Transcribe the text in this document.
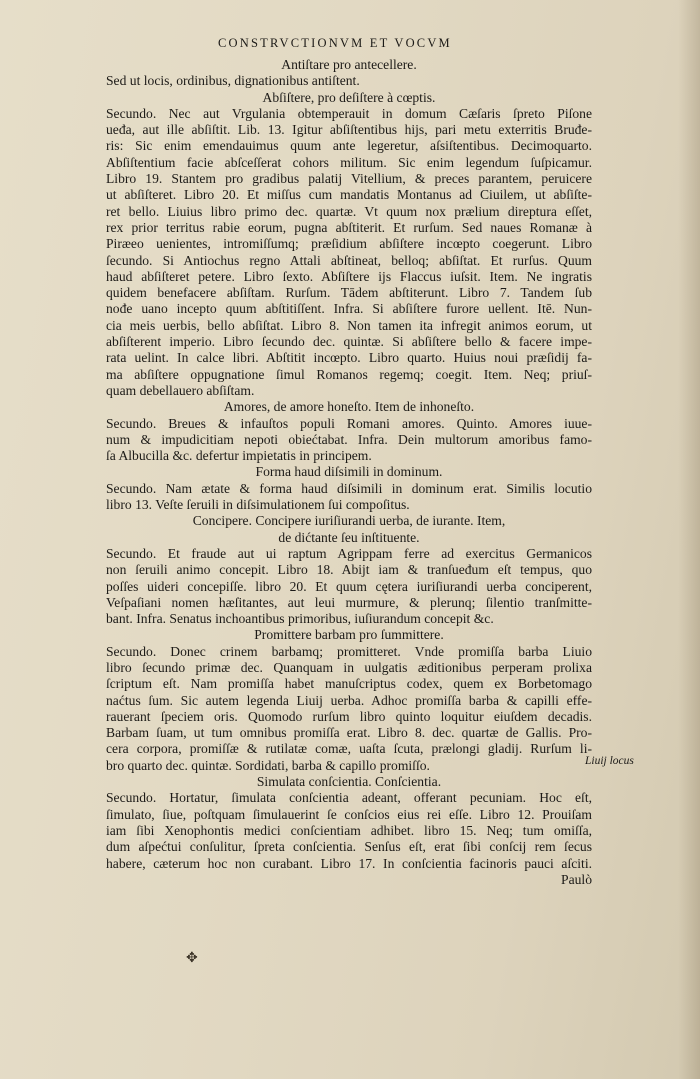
CONSTRVCTIONVM ET VOCVM
Antiſtare pro antecellere.
Sed ut locis, ordinibus, dignationibus antiſtent.
Abſiſtere, pro deſiſtere à cœptis.
Secundo. Nec aut Vrgulania obtemperauit in domum Cæſaris ſpreto Piſone
ueđa, aut ille abſiſtit. Lib. 13. Igitur abſiſtentibus hijs, pari metu exterritis Bruđe-
ris: Sic enim emendauimus quum ante legeretur, aſsiſtentibus. Decimoquarto.
Abſiſtentium facie abſceſſerat cohors militum. Sic enim legendum ſuſpicamur.
Libro 19. Stantem pro gradibus palatij Vitellium, & preces parantem, peruicere
ut abſiſteret. Libro 20. Et miſſus cum mandatis Montanus ad Ciuilem, ut abſiſte-
ret bello. Liuius libro primo dec. quartæ. Vt quum nox prælium direptura eſſet,
rex prior territus rabie eorum, pugna abſtiterit. Et rurſum. Sed naues Romanæ à
Piræeo uenientes, intromiſſumq; præſidium abſiſtere incœpto coegerunt. Libro
ſecundo. Si Antiochus regno Attali abſtineat, belloq; abſiſtat. Et rurſus. Quum
haud abſiſteret petere. Libro ſexto. Abſiſtere ijs Flaccus iuſsit. Item. Ne ingratis
quidem benefacere abſiſtam. Rurſum. Tādem abſtiterunt. Libro 7. Tandem ſub
nođe uano incepto quum abſtitiſſent. Infra. Si abſiſtere furore uellent. Itē. Nun-
cia meis uerbis, bello abſiſtat. Libro 8. Non tamen ita infregit animos eorum, ut
abſiſterent imperio. Libro ſecundo dec. quintæ. Si abſiſtere bello & facere impe-
rata uelint. In calce libri. Abſtitit incœpto. Libro quarto. Huius noui præſidij fa-
ma abſiſtere oppugnatione ſimul Romanos regemq; coegit. Item. Neq; priuſ-
quam debellauero abſiſtam.
Amores, de amore honeſto. Item de inhoneſto.
Secundo. Breues & infauſtos populi Romani amores. Quinto. Amores iuue-
num & impudicitiam nepoti obiećtabat. Infra. Dein multorum amoribus famo-
ſa Albucilla &c. defertur impietatis in principem.
Forma haud diſsimili in dominum.
Secundo. Nam ætate & forma haud diſsimili in dominum erat. Similis locutio
libro 13. Veſte ſeruili in diſsimulationem ſui compoſitus.
Concipere. Concipere iuriſiurandi uerba, de iurante. Item,
de dićtante ſeu inſtituente.
Secundo. Et fraude aut ui raptum Agrippam ferre ad exercitus Germanicos
non ſeruili animo concepit. Libro 18. Abijt iam & tranſueđum eſt tempus, quo
poſſes uideri concepiſſe. libro 20. Et quum cętera iuriſiurandi uerba conciperent,
Veſpaſiani nomen hæſitantes, aut leui murmure, & plerunq; ſilentio tranſmitte-
bant. Infra. Senatus inchoantibus primoribus, iuſiurandum concepit &c.
Promittere barbam pro ſummittere.
Secundo. Donec crinem barbamq; promitteret. Vnde promiſſa barba Liuio
libro ſecundo primæ dec. Quanquam in uulgatis æditionibus perperam prolixa
ſcriptum eſt. Nam promiſſa habet manuſcriptus codex, quem ex Borbetomago
naćtus ſum. Sic autem legenda Liuij uerba. Adhoc promiſſa barba & capilli effe-
rauerant ſpeciem oris. Quomodo rurſum libro quinto loquitur eiuſdem decadis.
Barbam ſuam, ut tum omnibus promiſſa erat. Libro 8. dec. quartæ de Gallis. Pro-
cera corpora, promiſſæ & rutilatæ comæ, uaſta ſcuta, prælongi gladij. Rurſum li-
bro quarto dec. quintæ. Sordidati, barba & capillo promiſſo.
Simulata conſcientia. Conſcientia.
Secundo. Hortatur, ſimulata conſcientia adeant, offerant pecuniam. Hoc eſt,
ſimulato, ſiue, poſtquam ſimulauerint ſe conſcios eius rei eſſe. Libro 12. Prouiſam
iam ſibi Xenophontis medici conſcientiam adhibet. libro 15. Neq; tum omiſſa,
dum aſpećtui conſulitur, ſpreta conſcientia. Senſus eſt, erat ſibi conſcij rem ſecus
habere, cæterum hoc non curabant. Libro 17. In conſcientia facinoris pauci aſciti.
Paulò
Liuij locus
✥
